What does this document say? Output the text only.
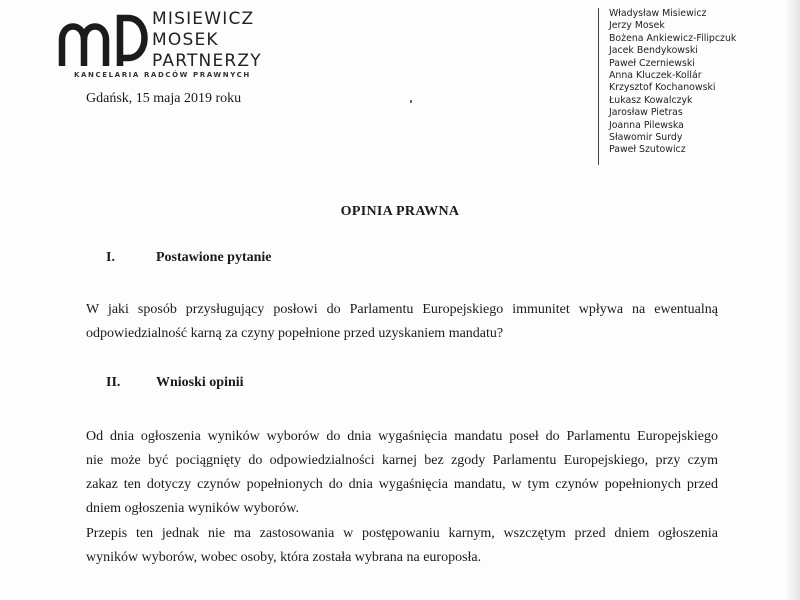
MISIEWICZ
MOSEK
PARTNERZY
KANCELARIA RADCÓW PRAWNYCH
Władysław Misiewicz
Jerzy Mosek
Bożena Ankiewicz-Filipczuk
Jacek Bendykowski
Paweł Czerniewski
Anna Kluczek-Kollár
Krzysztof Kochanowski
Łukasz Kowalczyk
Jarosław Pietras
Joanna Pilewska
Sławomir Surdy
Paweł Szutowicz
Gdańsk, 15 maja 2019 roku
OPINIA PRAWNA
I.	Postawione pytanie
W jaki sposób przysługujący posłowi do Parlamentu Europejskiego immunitet wpływa na ewentualną
odpowiedzialność karną za czyny popełnione przed uzyskaniem mandatu?
II.	Wnioski opinii
Od dnia ogłoszenia wyników wyborów do dnia wygaśnięcia mandatu poseł do Parlamentu Europejskiego
nie może być pociągnięty do odpowiedzialności karnej bez zgody Parlamentu Europejskiego, przy czym
zakaz ten dotyczy czynów popełnionych do dnia wygaśnięcia mandatu, w tym czynów popełnionych przed
dniem ogłoszenia wyników wyborów.
Przepis ten jednak nie ma zastosowania w postępowaniu karnym, wszczętym przed dniem ogłoszenia
wyników wyborów, wobec osoby, która została wybrana na europosła.
